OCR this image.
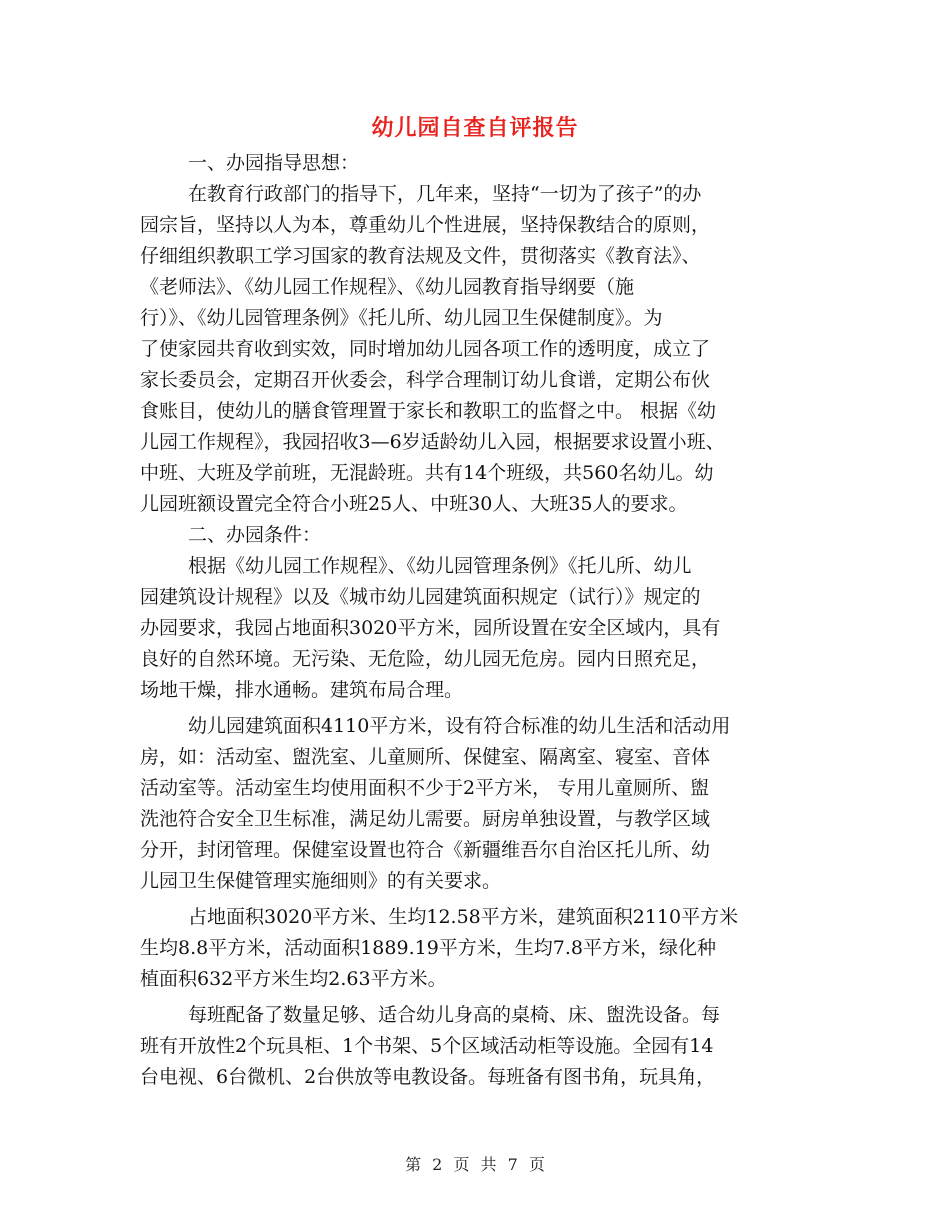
幼儿园自查自评报告
一、办园指导思想：
在教育行政部门的指导下，几年来，坚持“一切为了孩子”的办
园宗旨，坚持以人为本，尊重幼儿个性进展，坚持保教结合的原则，
仔细组织教职工学习国家的教育法规及文件，贯彻落实《教育法》、
《老师法》、《幼儿园工作规程》、《幼儿园教育指导纲要（施
行）》、《幼儿园管理条例》《托儿所、幼儿园卫生保健制度》。为
了使家园共育收到实效，同时增加幼儿园各项工作的透明度，成立了
家长委员会，定期召开伙委会，科学合理制订幼儿食谱，定期公布伙
食账目，使幼儿的膳食管理置于家长和教职工的监督之中。 根据《幼
儿园工作规程》，我园招收3—6岁适龄幼儿入园，根据要求设置小班、
中班、大班及学前班，无混龄班。共有14个班级，共560名幼儿。幼
儿园班额设置完全符合小班25人、中班30人、大班35人的要求。
二、办园条件：
根据《幼儿园工作规程》、《幼儿园管理条例》《托儿所、幼儿
园建筑设计规程》以及《城市幼儿园建筑面积规定（试行）》规定的
办园要求，我园占地面积3020平方米，园所设置在安全区域内，具有
良好的自然环境。无污染、无危险，幼儿园无危房。园内日照充足，
场地干燥，排水通畅。建筑布局合理。
幼儿园建筑面积4110平方米，设有符合标准的幼儿生活和活动用
房，如：活动室、盥洗室、儿童厕所、保健室、隔离室、寝室、音体
活动室等。活动室生均使用面积不少于2平方米， 专用儿童厕所、盥
洗池符合安全卫生标准，满足幼儿需要。厨房单独设置，与教学区域
分开，封闭管理。保健室设置也符合《新疆维吾尔自治区托儿所、幼
儿园卫生保健管理实施细则》的有关要求。
占地面积3020平方米、生均12.58平方米，建筑面积2110平方米
生均8.8平方米，活动面积1889.19平方米，生均7.8平方米，绿化种
植面积632平方米生均2.63平方米。
每班配备了数量足够、适合幼儿身高的桌椅、床、盥洗设备。每
班有开放性2个玩具柜、1个书架、5个区域活动柜等设施。全园有14
台电视、6台微机、2台供放等电教设备。每班备有图书角，玩具角，
第 2 页 共 7 页
